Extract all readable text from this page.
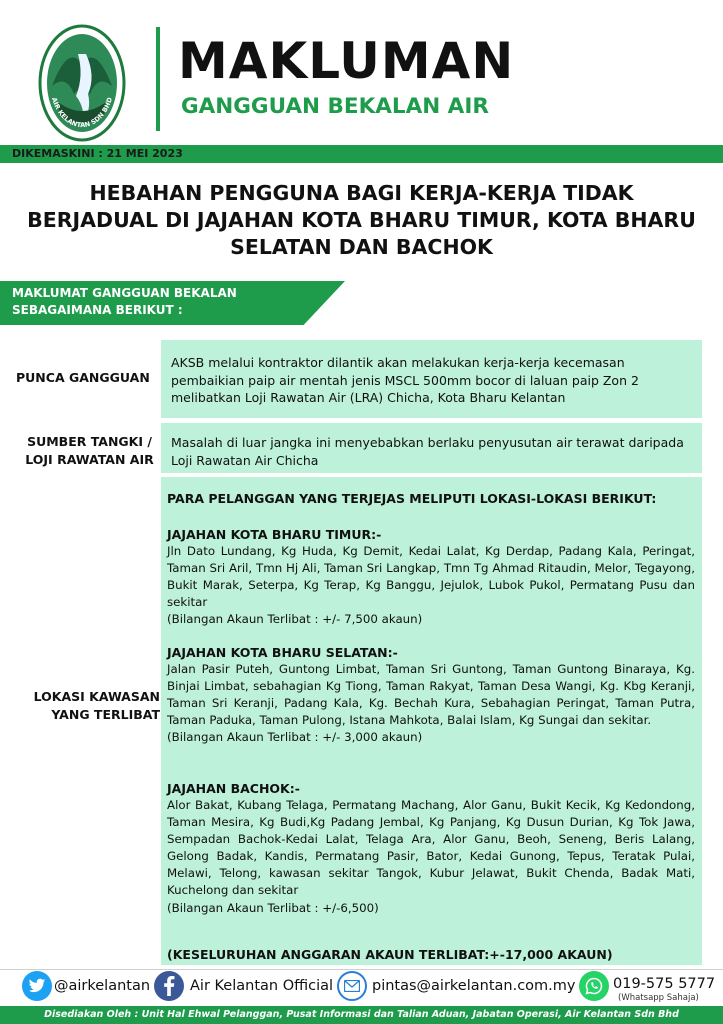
AIR KELANTAN SDN BHD
MAKLUMAN
GANGGUAN BEKALAN AIR
DIKEMASKINI : 21 MEI 2023
HEBAHAN PENGGUNA BAGI KERJA-KERJA TIDAK
BERJADUAL DI JAJAHAN KOTA BHARU TIMUR, KOTA BHARU
SELATAN DAN BACHOK
MAKLUMAT GANGGUAN BEKALAN
SEBAGAIMANA BERIKUT :
PUNCA GANGGUAN
AKSB melalui kontraktor dilantik akan melakukan kerja-kerja kecemasan pembaikian paip air mentah jenis MSCL 500mm bocor di laluan paip Zon 2 melibatkan Loji Rawatan Air (LRA) Chicha, Kota Bharu Kelantan
SUMBER TANGKI /
LOJI RAWATAN AIR
Masalah di luar jangka ini menyebabkan berlaku penyusutan air terawat daripada Loji Rawatan Air Chicha
LOKASI KAWASAN
YANG TERLIBAT
PARA PELANGGAN YANG TERJEJAS MELIPUTI LOKASI-LOKASI BERIKUT:
JAJAHAN KOTA BHARU TIMUR:-
Jln Dato Lundang, Kg Huda, Kg Demit, Kedai Lalat, Kg Derdap, Padang Kala, Peringat, Taman Sri Aril, Tmn Hj Ali, Taman Sri Langkap, Tmn Tg Ahmad Ritaudin, Melor, Tegayong, Bukit Marak, Seterpa, Kg Terap, Kg Banggu, Jejulok, Lubok Pukol, Permatang Pusu dan sekitar
(Bilangan Akaun Terlibat : +/- 7,500 akaun)
JAJAHAN KOTA BHARU SELATAN:-
Jalan Pasir Puteh, Guntong Limbat, Taman Sri Guntong, Taman Guntong Binaraya, Kg. Binjai Limbat, sebahagian Kg Tiong, Taman Rakyat, Taman Desa Wangi, Kg. Kbg Keranji, Taman Sri Keranji, Padang Kala, Kg. Bechah Kura, Sebahagian Peringat, Taman Putra, Taman Paduka, Taman Pulong, Istana Mahkota, Balai Islam, Kg Sungai dan sekitar.
(Bilangan Akaun Terlibat : +/- 3,000 akaun)
JAJAHAN BACHOK:-
Alor Bakat, Kubang Telaga, Permatang Machang, Alor Ganu, Bukit Kecik, Kg Kedondong, Taman Mesira, Kg Budi,Kg Padang Jembal, Kg Panjang, Kg Dusun Durian, Kg Tok Jawa, Sempadan Bachok-Kedai Lalat, Telaga Ara, Alor Ganu, Beoh, Seneng, Beris Lalang, Gelong Badak, Kandis, Permatang Pasir, Bator, Kedai Gunong, Tepus, Teratak Pulai, Melawi, Telong, kawasan sekitar Tangok, Kubur Jelawat, Bukit Chenda, Badak Mati, Kuchelong dan sekitar
(Bilangan Akaun Terlibat : +/-6,500)
(KESELURUHAN ANGGARAN AKAUN TERLIBAT:+-17,000 AKAUN)
@airkelantan	Air Kelantan Official	pintas@airkelantan.com.my	019-575 5777
(Whatsapp Sahaja)
Disediakan Oleh : Unit Hal Ehwal Pelanggan, Pusat Informasi dan Talian Aduan, Jabatan Operasi, Air Kelantan Sdn Bhd
